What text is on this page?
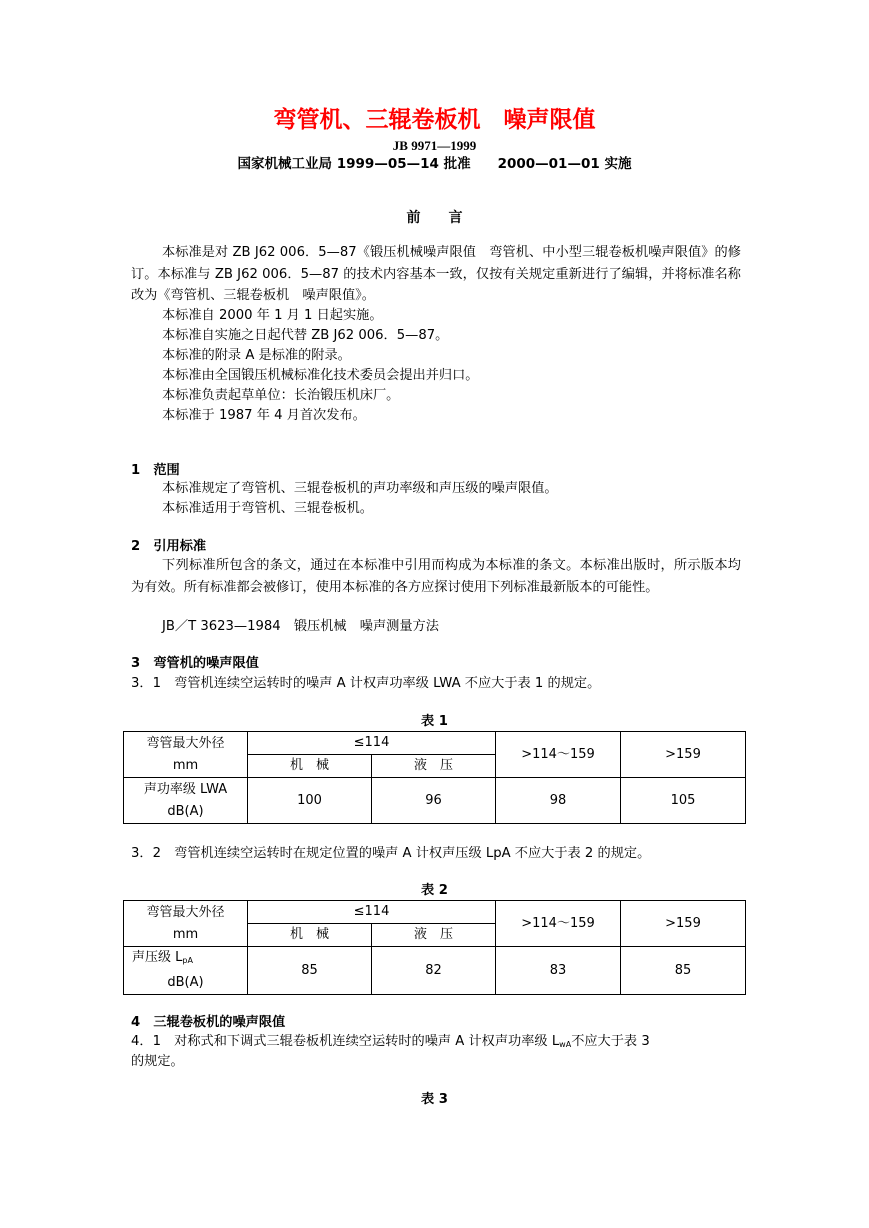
弯管机、三辊卷板机　噪声限值
JB 9971—1999
国家机械工业局 1999—05—14 批准　　2000—01—01 实施
前　　言
本标准是对 ZB J62 006．5—87《锻压机械噪声限值　弯管机、中小型三辊卷板机噪声限值》的修订。本标准与 ZB J62 006．5—87 的技术内容基本一致，仅按有关规定重新进行了编辑，并将标准名称改为《弯管机、三辊卷板机　噪声限值》。
本标准自 2000 年 1 月 1 日起实施。
本标准自实施之日起代替 ZB J62 006．5—87。
本标准的附录 A 是标准的附录。
本标准由全国锻压机械标准化技术委员会提出并归口。
本标准负责起草单位：长治锻压机床厂。
本标准于 1987 年 4 月首次发布。
1　范围
本标准规定了弯管机、三辊卷板机的声功率级和声压级的噪声限值。
本标准适用于弯管机、三辊卷板机。
2　引用标准
下列标准所包含的条文，通过在本标准中引用而构成为本标准的条文。本标准出版时，所示版本均为有效。所有标准都会被修订，使用本标准的各方应探讨使用下列标准最新版本的可能性。
JB／T 3623—1984　锻压机械　噪声测量方法
3　弯管机的噪声限值
3．1　弯管机连续空运转时的噪声 A 计权声功率级 LWA 不应大于表 1 的规定。
表 1
弯管最大外径
mm	≤114		>114～159	>159
	机　械	液　压		

声功率级 LWA
dB(A)	100	96	98	105
3．2　弯管机连续空运转时在规定位置的噪声 A 计权声压级 LpA 不应大于表 2 的规定。
表 2
弯管最大外径
mm	≤114		>114～159	>159
	机　械	液　压		

声压级 $L_{pA}$
dB(A)	85	82	83	85
4　三辊卷板机的噪声限值
4．1　对称式和下调式三辊卷板机连续空运转时的噪声 A 计权声功率级 $L_{wA}$不应大于表 3
的规定。
表 3
